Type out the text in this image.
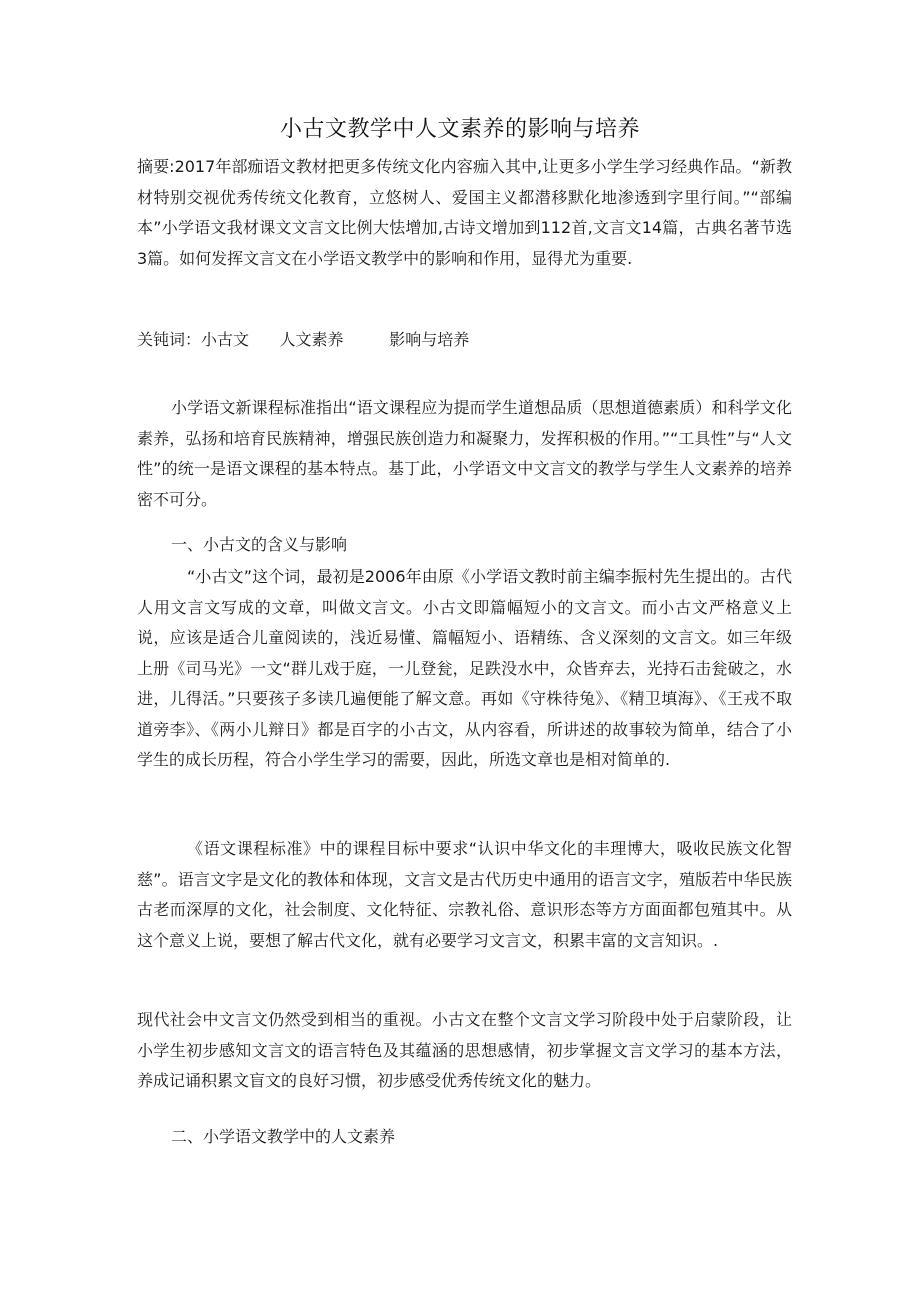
小古文教学中人文素养的影响与培养
摘要:2017年部痂语文教材把更多传统文化内容痂入其中,让更多小学生学习经典作品。“新教材特别交视优秀传统文化教育，立悠树人、爱国主义都潜移默化地渗透到字里行间。”“部编本”小学语文我材课文文言文比例大怯增加,古诗文增加到112首,文言文14篇，古典名著节选3篇。如何发挥文言文在小学语文教学中的影响和作用，显得尤为重要.
关钝词：小古文      人文素养         影响与培养
小学语文新课程标准指出“语文课程应为提而学生道想品质（思想道德素质）和科学文化素养，弘扬和培育民族精神，增强民族创造力和凝聚力，发挥积极的作用。”“工具性”与“人文性”的统一是语文课程的基本特点。基丁此，小学语文中文言文的教学与学生人文素养的培养密不可分。
一、小古文的含义与影响
“小古文”这个词，最初是2006年由原《小学语文教时前主编李振村先生提出的。古代人用文言文写成的文章，叫做文言文。小古文即篇幅短小的文言文。而小古文严格意义上说，应该是适合儿童阅读的，浅近易懂、篇幅短小、语精练、含义深刻的文言文。如三年级上册《司马光》一文“群儿戏于庭，一儿登瓮，足跌没水中，众皆弃去，光持石击瓮破之，水进，儿得活。”只要孩子多读几遍便能了解文意。再如《守株待兔》、《精卫填海》、《王戎不取道旁李》、《两小儿辩日》都是百字的小古文，从内容看，所讲述的故事较为简单，结合了小学生的成长历程，符合小学生学习的需要，因此，所选文章也是相对简单的.
《语文课程标准》中的课程目标中要求“认识中华文化的丰理博大，吸收民族文化智慈”。语言文字是文化的教体和体现，文言文是古代历史中通用的语言文字，殖版若中华民族古老而深厚的文化，社会制度、文化特征、宗教礼俗、意识形态等方方面面都包殖其中。从这个意义上说，要想了解古代文化，就有必要学习文言文，积累丰富的文言知识。.
现代社会中文言文仍然受到相当的重视。小古文在整个文言文学习阶段中处于启蒙阶段，让小学生初步感知文言文的语言特色及其蕴涵的思想感情，初步掌握文言文学习的基本方法，养成记诵积累文盲文的良好习惯，初步感受优秀传统文化的魅力。
二、小学语文教学中的人文素养
